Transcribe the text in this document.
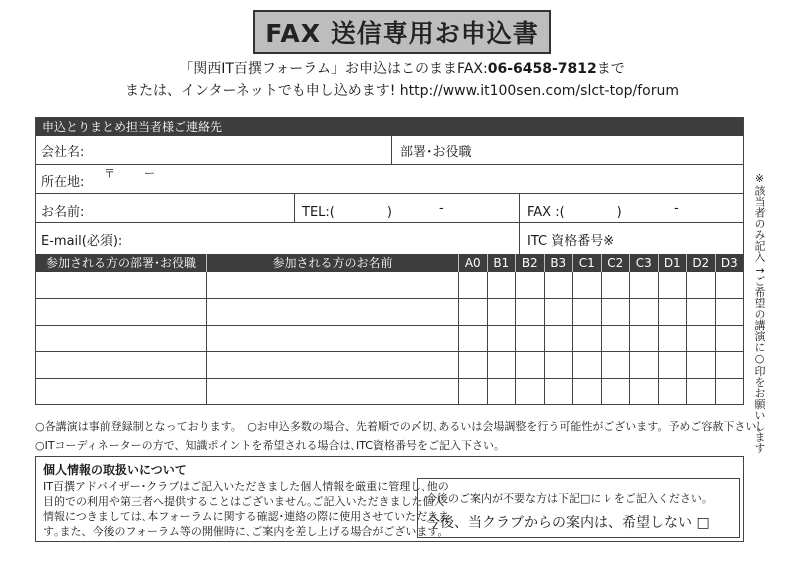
FAX 送信専用お申込書
「関西IT百撰フォーラム」お申込はこのままFAX:06-6458-7812まで
または、インターネットでも申し込めます! http://www.it100sen.com/slct-top/forum
申込とりまとめ担当者様ご連絡先
会社名:	部署･お役職
所在地:
〒	ー
お名前:	TEL:(　　　　)	-	FAX :(　　　　)	-
E-mail(必須):	ITC 資格番号※
参加される方の部署･お役職	参加される方のお名前	A0	B1	B2	B3	C1	C2	C3	D1 D2 D3
○各講演は事前登録制となっております。　○お申込多数の場合、先着順での〆切､あるいは会場調整を行う可能性がございます。予めご容赦下さい。
○ITコーディネーターの方で、知識ポイントを希望される場合は､ITC資格番号をご記入下さい。
個人情報の取扱いについて
IT百撰アドバイザー･クラブはご記入いただきました個人情報を厳重に管理し､他の
目的での利用や第三者へ提供することはございません｡ご記入いただきました個人
情報につきましては､本フォーラムに関する確認･連絡の際に使用させていただきま
す｡また、今後のフォーラム等の開催時に､ご案内を差し上げる場合がございます。
今後のご案内が不要な方は下記□に ﾚ をご記入ください。
今後、当クラブからの案内は、希望しない □
※該当者のみ記入
↑ご希望の講演に○印をお願いします
